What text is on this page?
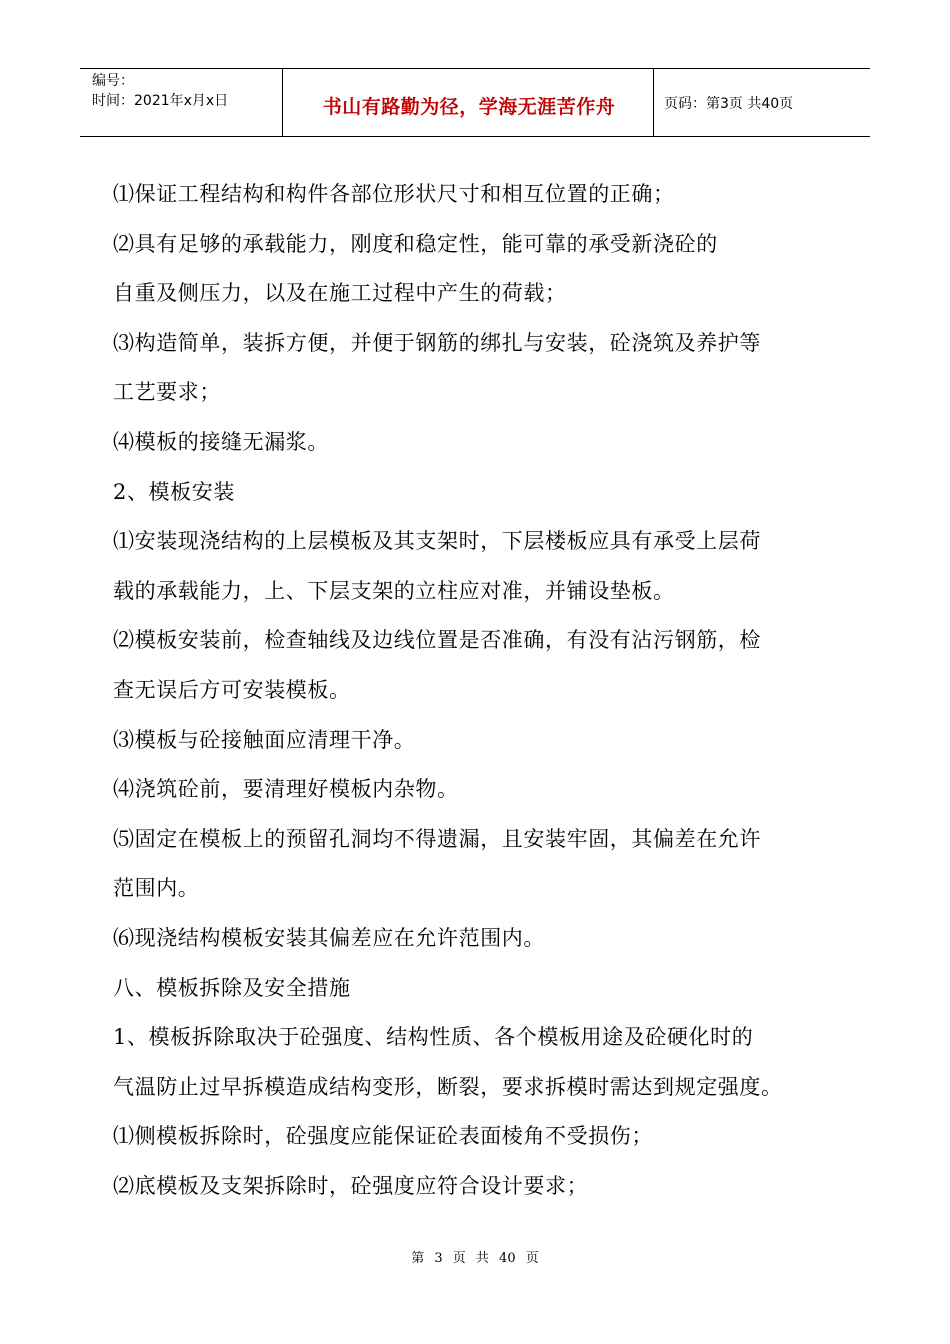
编号：
时间：2021年x月x日	书山有路勤为径，学海无涯苦作舟	页码：第3页 共40页
⑴保证工程结构和构件各部位形状尺寸和相互位置的正确；
⑵具有足够的承载能力，刚度和稳定性，能可靠的承受新浇砼的
自重及侧压力，以及在施工过程中产生的荷载；
⑶构造简单，装拆方便，并便于钢筋的绑扎与安装，砼浇筑及养护等
工艺要求；
⑷模板的接缝无漏浆。
2、模板安装
⑴安装现浇结构的上层模板及其支架时，下层楼板应具有承受上层荷
载的承载能力，上、下层支架的立柱应对准，并铺设垫板。
⑵模板安装前，检查轴线及边线位置是否准确，有没有沾污钢筋，检
查无误后方可安装模板。
⑶模板与砼接触面应清理干净。
⑷浇筑砼前，要清理好模板内杂物。
⑸固定在模板上的预留孔洞均不得遗漏，且安装牢固，其偏差在允许
范围内。
⑹现浇结构模板安装其偏差应在允许范围内。
八、模板拆除及安全措施
1、模板拆除取决于砼强度、结构性质、各个模板用途及砼硬化时的
气温防止过早拆模造成结构变形，断裂，要求拆模时需达到规定强度。
⑴侧模板拆除时，砼强度应能保证砼表面棱角不受损伤；
⑵底模板及支架拆除时，砼强度应符合设计要求；
第 3 页 共 40 页
